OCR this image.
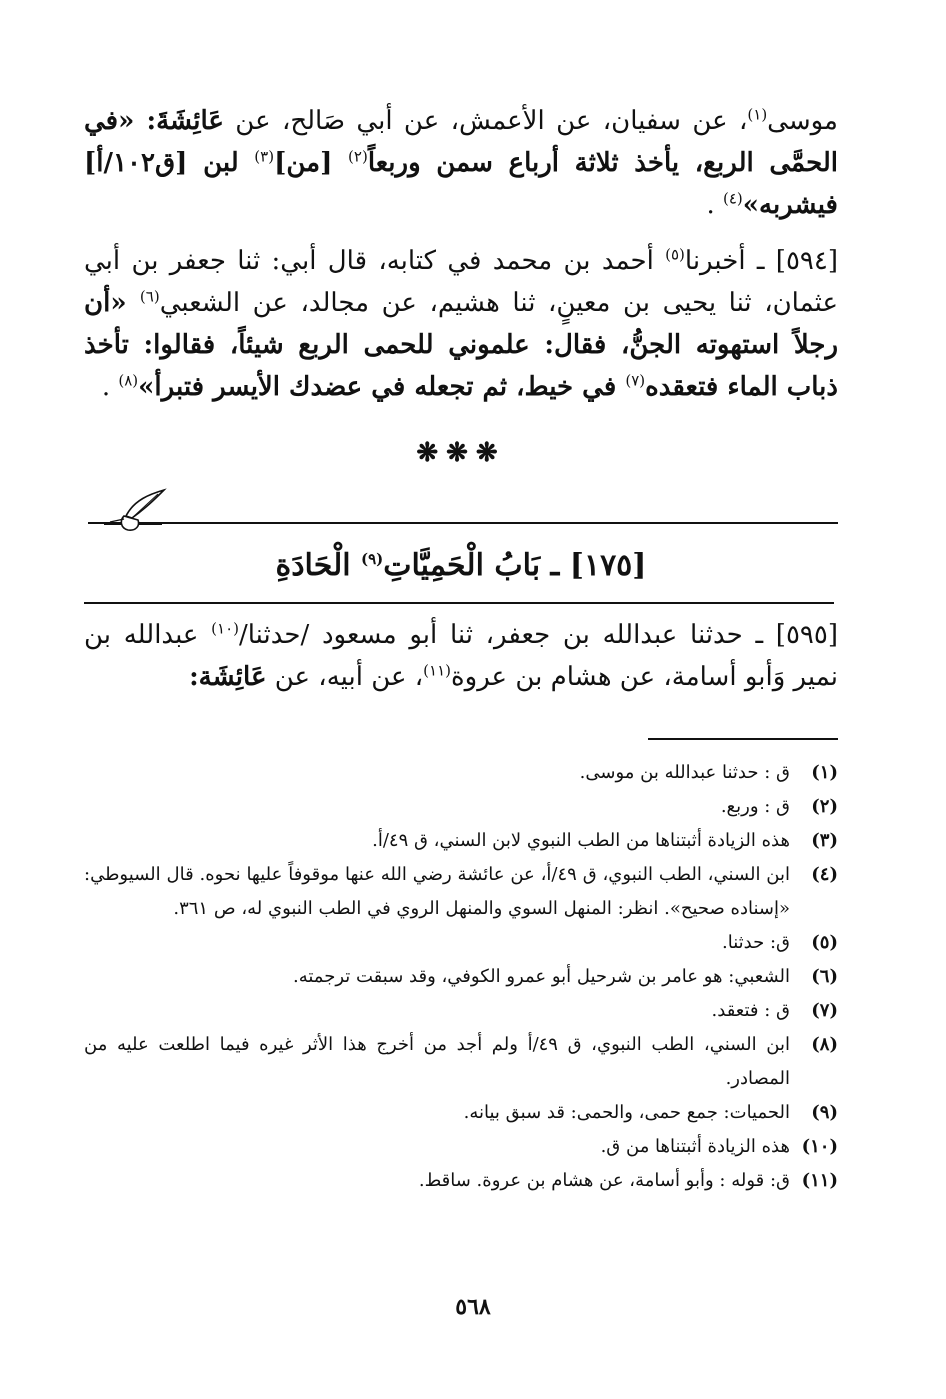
موسى$^{(١)}$، عن سفيان، عن الأعمش، عن أبي صَالح، عن عَائِشَةَ: «في الحمَّى الربع، يأخذ ثلاثة أرباع سمن وربعاً$^{(٢)}$ [من]$^{(٣)}$ لبن [ق١٠٢/أ] فيشربه»$^{(٤)}$ .

[٥٩٤] ـ أخبرنا$^{(٥)}$ أحمد بن محمد في كتابه، قال أبي: ثنا جعفر بن أبي عثمان، ثنا يحيى بن معينٍ، ثنا هشيم، عن مجالد، عن الشعبي$^{(٦)}$ «أن رجلاً استهوته الجنُّ، فقال: علموني للحمى الربع شيئاً، فقالوا: تأخذ ذباب الماء فتعقده$^{(٧)}$ في خيط، ثم تجعله في عضدك الأيسر فتبرأ»$^{(٨)}$ .

❋❋❋
[١٧٥] ـ بَابُ الْحَمِيَّاتِ$^{(٩)}$ الْحَادَةِ

[٥٩٥] ـ حدثنا عبدالله بن جعفر، ثنا أبو مسعود /حدثنا/$^{(١٠)}$ عبدالله بن نمير وَأبو أسامة، عن هشام بن عروة$^{(١١)}$، عن أبيه، عن عَائِشَة:

(١)
ق : حدثنا عبدالله بن موسى.
(٢)
ق : وربع.
(٣)
هذه الزيادة أثبتناها من الطب النبوي لابن السني، ق ٤٩/أ.
(٤)
ابن السني، الطب النبوي، ق ٤٩/أ، عن عائشة رضي الله عنها موقوفاً عليها نحوه. قال السيوطي: «إسناده صحيح». انظر: المنهل السوي والمنهل الروي في الطب النبوي له، ص ٣٦١.
(٥)
ق: حدثنا.
(٦)
الشعبي: هو عامر بن شرحيل أبو عمرو الكوفي، وقد سبقت ترجمته.
(٧)
ق : فتعقد.
(٨)
ابن السني، الطب النبوي، ق ٤٩/أ ولم أجد من أخرج هذا الأثر غيره فيما اطلعت عليه من المصادر.
(٩)
الحميات: جمع حمى، والحمى: قد سبق بيانه.
(١٠)
هذه الزيادة أثبتناها من ق.
(١١)
ق: قوله : وأبو أسامة، عن هشام بن عروة. ساقط.
٥٦٨
